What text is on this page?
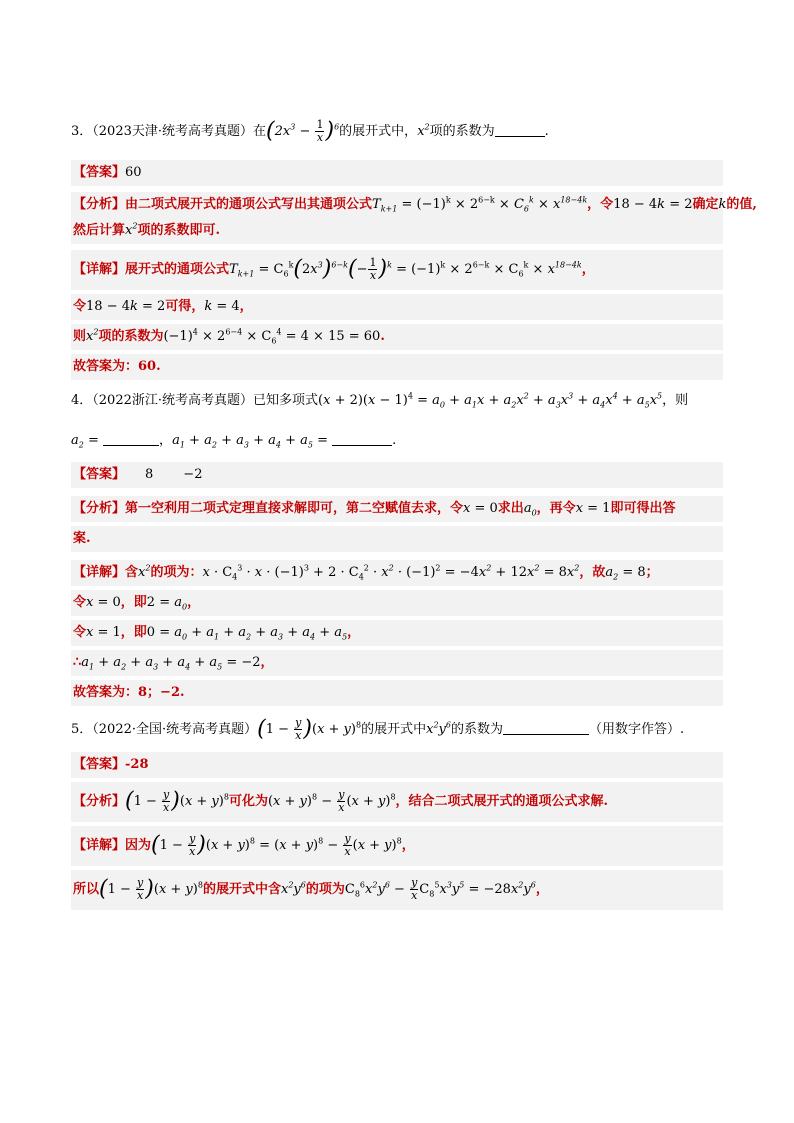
3．（2023天津·统考高考真题）在$(2x^3 - \frac{1}{x} )^6$的展开式中，$x^2$项的系数为	.
【答案】60
【分析】由二项式展开式的通项公式写出其通项公式$T_{k+1} = (-1)^k \times 2^{6-k} \times C_6^k \times x^{18-4k}$，令18 − 4k = 2确定k的值,
然后计算$x^2$项的系数即可.
【详解】展开式的通项公式$T_{k+1} = C_6^k(2x^3)^{6-k}(- \frac{1}{x} )^k = (-1)^k \times 2^{6-k} \times C_6^k \times x^{18-4k}$，
令18 − 4k = 2可得，k = 4，
则$x^2$项的系数为$(-1)^4 \times 2^{6-4} \times C_6^4 = 4 \times 15 = 60$.
故答案为：60.
4．（2022浙江·统考高考真题）已知多项式$(x + 2)(x - 1)^4 = a_0 + a_1x + a_2x^2 + a_3x^3 + a_4x^4 + a_5x^5$，则
$a_2$ =	，$a_1 + a_2 + a_3 + a_4 + a_5$ =	.
【答案】 8 −2
【分析】第一空利用二项式定理直接求解即可，第二空赋值去求，令x = 0求出$a_0$，再令x = 1即可得出答
案.
【详解】含$x^2$的项为：$x \cdot C_4^3 \cdot x \cdot (-1)^3 + 2 \cdot C_4^2 \cdot x^2 \cdot (-1)^2 = -4x^2 + 12x^2 = 8x^2$，故$a_2 = 8$；
令x = 0，即$2 = a_0$，
令x = 1，即$0 = a_0 + a_1 + a_2 + a_3 + a_4 + a_5$，
$\therefore a_1 + a_2 + a_3 + a_4 + a_5 = -2$，
故答案为：8；−2.
5．（2022·全国·统考高考真题）$(1 - \frac{y}{x} )(x + y)^8$的展开式中$x^2y^6$的系数为	（用数字作答）.
【答案】-28
【分析】$(1 - \frac{y}{x} )(x + y)^8$可化为$(x + y)^8 - \frac{y}{x} (x + y)^8$，结合二项式展开式的通项公式求解.
【详解】因为$(1 - \frac{y}{x} )(x + y)^8 = (x + y)^8 - \frac{y}{x} (x + y)^8$，
所以$(1 - \frac{y}{x} )(x + y)^8$的展开式中含$x^2y^6$的项为$C_8^6x^2y^6 - \frac{y}{x} C_8^5x^3y^5 = -28x^2y^6$，
